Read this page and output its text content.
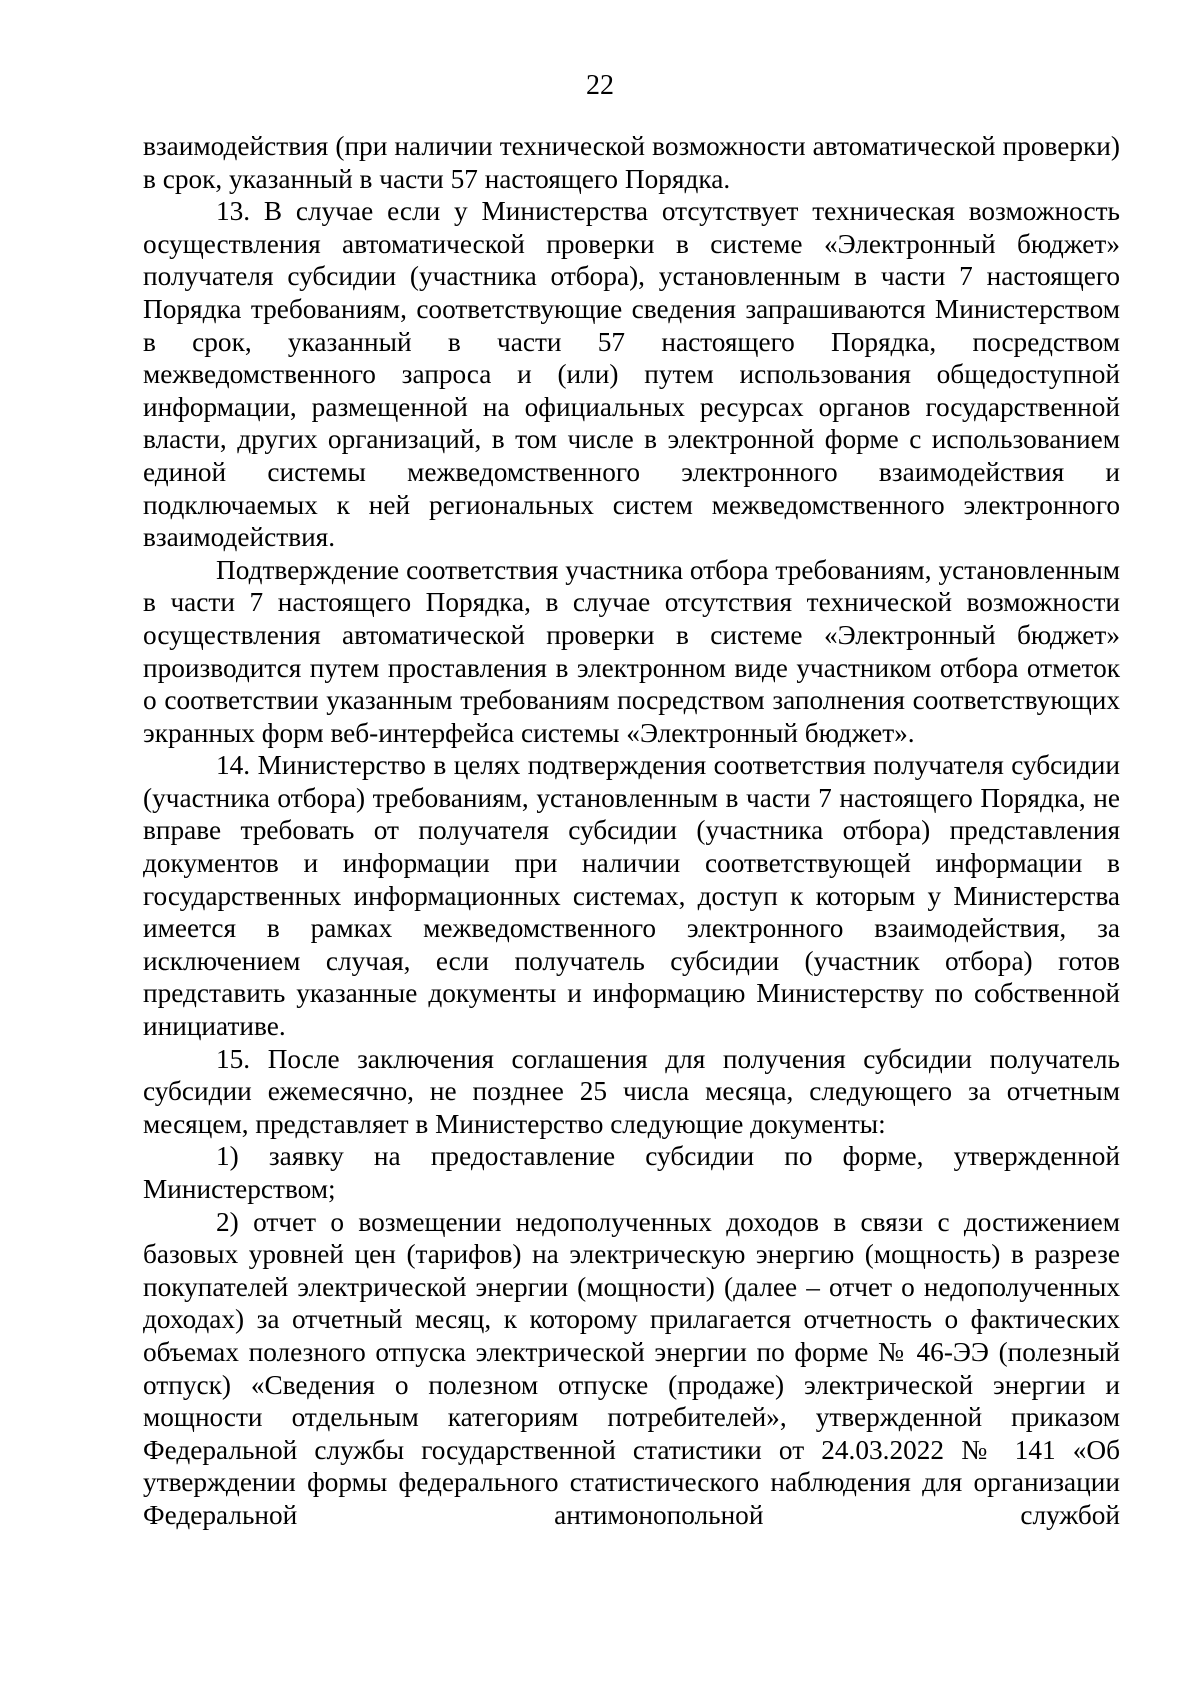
22

взаимодействия (при наличии технической возможности автоматической проверки) в срок, указанный в части 57 настоящего Порядка.

13. В случае если у Министерства отсутствует техническая возможность осуществления автоматической проверки в системе «Электронный бюджет» получателя субсидии (участника отбора), установленным в части 7 настоящего Порядка требованиям, соответствующие сведения запрашиваются Министерством в срок, указанный в части 57 настоящего Порядка, посредством межведомственного запроса и (или) путем использования общедоступной информации, размещенной на официальных ресурсах органов государственной власти, других организаций, в том числе в электронной форме с использованием единой системы межведомственного электронного взаимодействия и подключаемых к ней региональных систем межведомственного электронного взаимодействия.

Подтверждение соответствия участника отбора требованиям, установленным в части 7 настоящего Порядка, в случае отсутствия технической возможности осуществления автоматической проверки в системе «Электронный бюджет» производится путем проставления в электронном виде участником отбора отметок о соответствии указанным требованиям посредством заполнения соответствующих экранных форм веб-интерфейса системы «Электронный бюджет».

14. Министерство в целях подтверждения соответствия получателя субсидии (участника отбора) требованиям, установленным в части 7 настоящего Порядка, не вправе требовать от получателя субсидии (участника отбора) представления документов и информации при наличии соответствующей информации в государственных информационных системах, доступ к которым у Министерства имеется в рамках межведомственного электронного взаимодействия, за исключением случая, если получатель субсидии (участник отбора) готов представить указанные документы и информацию Министерству по собственной инициативе.

15. После заключения соглашения для получения субсидии получатель субсидии ежемесячно, не позднее 25 числа месяца, следующего за отчетным месяцем, представляет в Министерство следующие документы:

1) заявку на предоставление субсидии по форме, утвержденной Министерством;

2) отчет о возмещении недополученных доходов в связи с достижением базовых уровней цен (тарифов) на электрическую энергию (мощность) в разрезе покупателей электрической энергии (мощности) (далее – отчет о недополученных доходах) за отчетный месяц, к которому прилагается отчетность о фактических объемах полезного отпуска электрической энергии по форме № 46-ЭЭ (полезный отпуск) «Сведения о полезном отпуске (продаже) электрической энергии и мощности отдельным категориям потребителей», утвержденной приказом Федеральной службы государственной статистики от 24.03.2022 № 141 «Об утверждении формы федерального статистического наблюдения для организации Федеральной антимонопольной службой
